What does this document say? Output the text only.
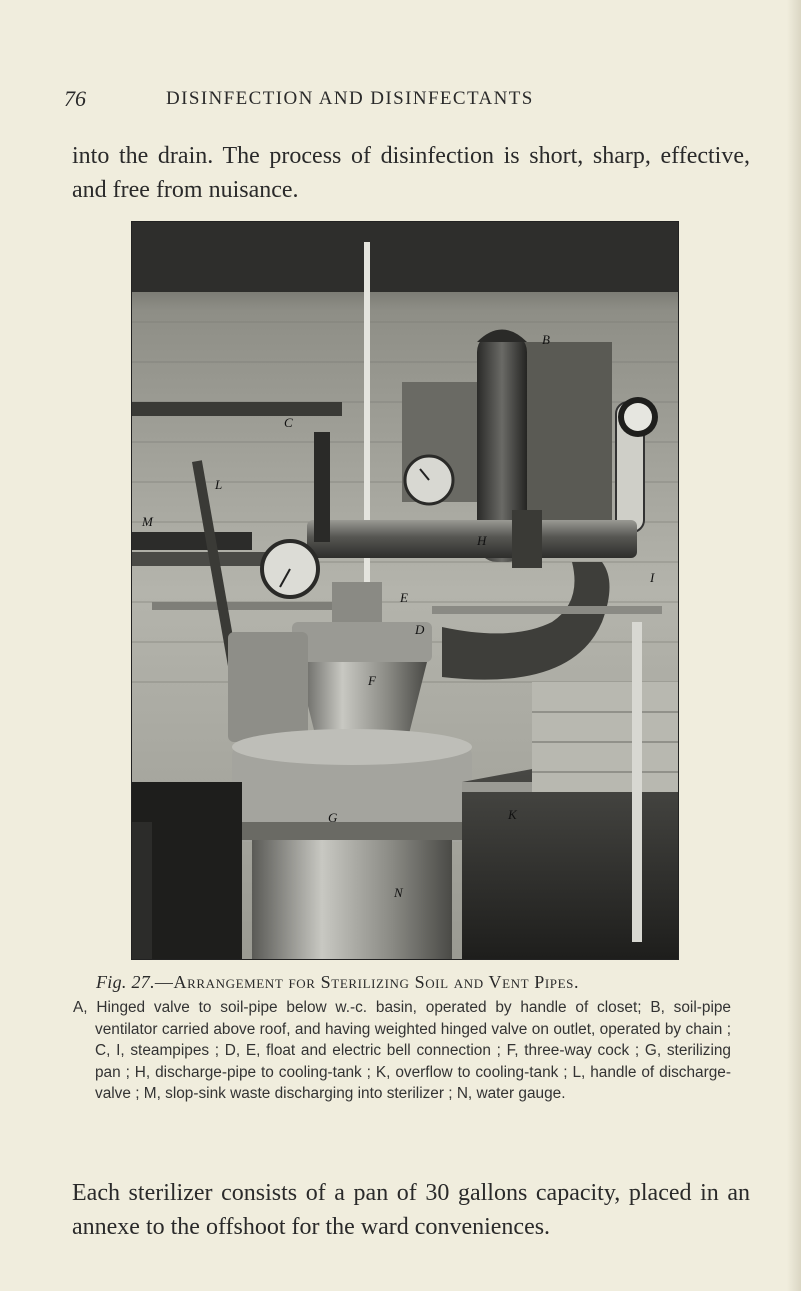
76	DISINFECTION AND DISINFECTANTS

into the drain. The process of disinfection is short, sharp, effective, and free from nuisance.

B
C
H
M
L
E
D
I
F
G	K
N

Fig. 27.—Arrangement for Sterilizing Soil and Vent Pipes.

A, Hinged valve to soil-pipe below w.-c. basin, operated by handle of closet; B, soil-pipe ventilator carried above roof, and having weighted hinged valve on outlet, operated by chain ; C, I, steampipes ; D, E, float and electric bell connection ; F, three-way cock ; G, sterilizing pan ; H, discharge-pipe to cooling-tank ; K, overflow to cooling-tank ; L, handle of discharge-valve ; M, slop-sink waste discharging into sterilizer ; N, water gauge.

Each sterilizer consists of a pan of 30 gallons capacity, placed in an annexe to the offshoot for the ward conveniences.
